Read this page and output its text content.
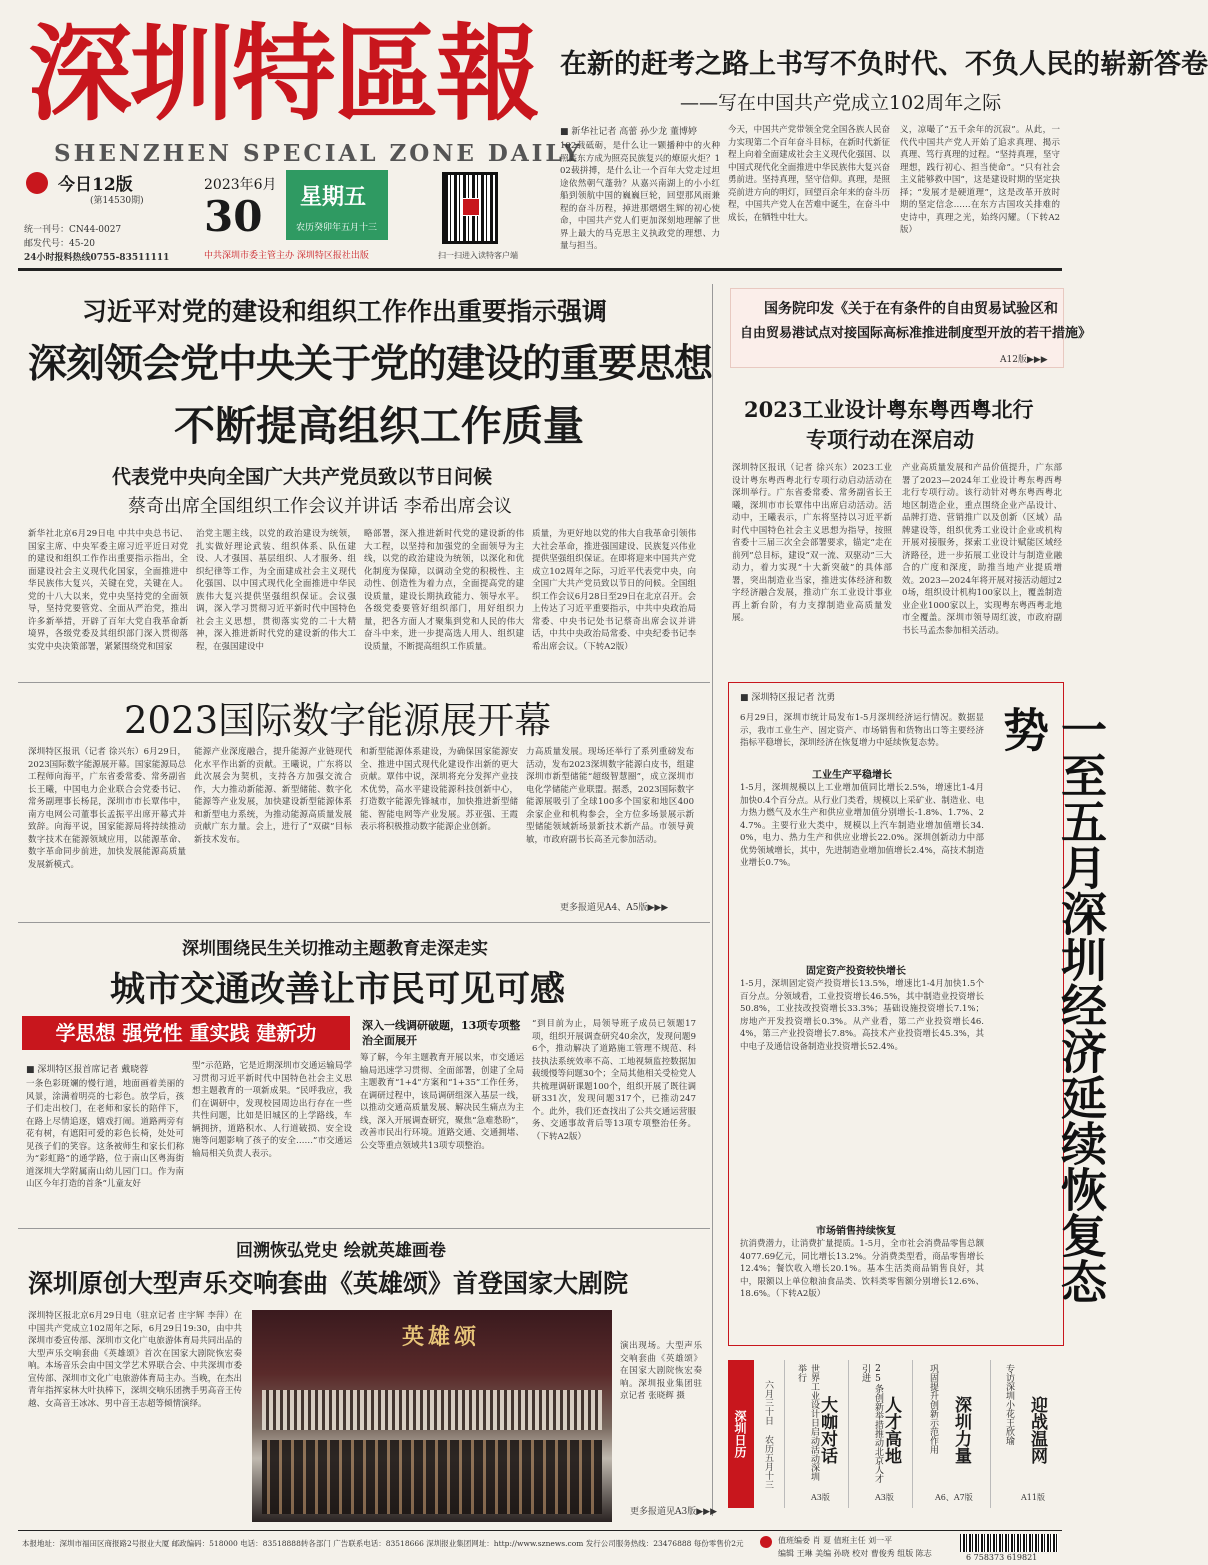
深圳特區報
SHENZHEN SPECIAL ZONE DAILY
在新的赶考之路上书写不负时代、不负人民的崭新答卷
——写在中国共产党成立102周年之际
今日12版
(第14530期)
统一刊号：CN44-0027
邮发代号：45-20
24小时报料热线0755-83511111
2023年6月
30 星期五
农历癸卯年五月十三
中共深圳市委主管主办 深圳特区报社出版	扫一扫进入读特客户端
■ 新华社记者 高蕾 孙少龙 董博婷
102载砥砺，是什么让一颗播种中的火种照亮东方成为照亮民族复兴的燎原火炬？102载拼搏，是什么让一个百年大党走过坦途依然朝气蓬勃？从嘉兴南湖上的小小红船到领航中国的巍巍巨轮，回望那风雨兼程的奋斗历程，掉进那熠熠生辉的初心使命，中国共产党人们更加深刻地理解了世界上最大的马克思主义执政党的理想、力量与担当。
今天，中国共产党带领全党全国各族人民奋力实现第二个百年奋斗目标，在新时代新征程上向着全面建成社会主义现代化强国、以中国式现代化全面推进中华民族伟大复兴奋勇前进。坚持真理，坚守信仰。真理，是照亮前进方向的明灯，回望百余年来的奋斗历程，中国共产党人在苦难中诞生，在奋斗中成长，在牺牲中壮大。
义，凉嘬了“五千余年的沉寂”。从此，一代代中国共产党人开始了追求真理、揭示真理、笃行真理的过程。“坚持真理，坚守理想，践行初心、担当使命”。“只有社会主义能够救中国”，这是建设时期的坚定抉择；“发展才是硬道理”，这是改革开放时期的坚定信念……在东方古国攻关排难的史诗中，真理之光，始终闪耀。（下转A2版）
习近平对党的建设和组织工作作出重要指示强调
深刻领会党中央关于党的建设的重要思想
不断提高组织工作质量
代表党中央向全国广大共产党员致以节日问候
蔡奇出席全国组织工作会议并讲话 李希出席会议
新华社北京6月29日电 中共中央总书记、国家主席、中央军委主席习近平近日对党的建设和组织工作作出重要指示指出，全面建设社会主义现代化国家，全面推进中华民族伟大复兴，关键在党，关键在人。党的十八大以来，党中央坚持党的全面领导，坚持党要管党、全面从严治党，推出许多新举措，开辟了百年大党自我革命新境界，各级党委及其组织部门深入贯彻落实党中央决策部署，紧紧围绕党和国家
治党主题主线，以党的政治建设为统领，扎实做好理论武装、组织体系、队伍建设、人才强国、基层组织、人才服务、组织纪律等工作，为全面建成社会主义现代化强国、以中国式现代化全面推进中华民族伟大复兴提供坚强组织保证。会议强调，深入学习贯彻习近平新时代中国特色社会主义思想，贯彻落实党的二十大精神，深入推进新时代党的建设新的伟大工程，在强国建设中
略部署，深入推进新时代党的建设新的伟大工程，以坚持和加强党的全面领导为主线，以党的政治建设为统领，以深化和优化制度为保障，以调动全党的积极性、主动性、创造性为着力点，全面提高党的建设质量，建设长期执政能力、领导水平。各级党委要管好组织部门，用好组织力量，把各方面人才聚集到党和人民的伟大奋斗中来，进一步提高选人用人、组织建设质量，不断提高组织工作质量。
质量，为更好地以党的伟大自我革命引领伟大社会革命，推进强国建设、民族复兴伟业提供坚强组织保证。在即将迎来中国共产党成立102周年之际，习近平代表党中央，向全国广大共产党员致以节日的问候。全国组织工作会议6月28日至29日在北京召开。会上传达了习近平重要指示，中共中央政治局常委、中央书记处书记蔡奇出席会议并讲话，中共中央政治局常委、中央纪委书记李希出席会议。（下转A2版）
国务院印发《关于在有条件的自由贸易试验区和
自由贸易港试点对接国际高标准推进制度型开放的若干措施》
A12版▶▶▶
2023工业设计粤东粤西粤北行
专项行动在深启动
深圳特区报讯（记者 徐兴东）2023工业设计粤东粤西粤北行专项行动启动活动在深圳举行。广东省委常委、常务副省长王曦，深圳市市长覃伟中出席启动活动。活动中，王曦表示，广东将坚持以习近平新时代中国特色社会主义思想为指导，按照省委十三届三次全会部署要求，锚定“走在前列”总目标，建设“双一流、双驱动”三大动力，着力实现“十大新突破”的具体部署，突出制造业当家，推进实体经济和数字经济融合发展，推动广东工业设计事业再上新台阶，有力支撑制造业高质量发展。
产业高质量发展和产品价值提升，广东部署了2023—2024年工业设计粤东粤西粤北行专项行动。该行动针对粤东粤西粤北地区制造企业，重点围绕企业产品设计、品牌打造、营销推广以及创新（区域）品牌建设等，组织优秀工业设计企业或机构开展对接服务，探索工业设计赋能区域经济路径，进一步拓展工业设计与制造业融合的广度和深度，助推当地产业提质增效。2023—2024年将开展对接活动超过20场，组织设计机构100家以上，覆盖制造业企业1000家以上，实现粤东粤西粤北地市全覆盖。深圳市领导周红波，市政府副书长马孟杰参加相关活动。
2023国际数字能源展开幕
深圳特区报讯（记者 徐兴东）6月29日，2023国际数字能源展开幕。国家能源局总工程师向海平，广东省委常委、常务副省长王曦，中国电力企业联合会党委书记、常务副理事长杨昆，深圳市市长覃伟中，南方电网公司董事长孟振平出席开幕式并致辞。向海平说，国家能源局将持续推动数字技术在能源领域应用，以能源革命、数字革命同步前进，加快发展能源高质量发展新模式。
能源产业深度融合，提升能源产业链现代化水平作出新的贡献。王曦说，广东将以此次展会为契机，支持各方加强交流合作，大力推动新能源、新型储能、数字化能源等产业发展，加快建设新型能源体系和新型电力系统，为推动能源高质量发展贡献广东力量。会上，进行了“双碳”目标新技术发布。
和新型能源体系建设，为确保国家能源安全、推进中国式现代化建设作出新的更大贡献。覃伟中说，深圳将充分发挥产业技术优势，高水平建设能源科技创新中心，打造数字能源先锋城市，加快推进新型储能、智能电网等产业发展。苏亚强、王霞表示将积极推动数字能源企业创新。
力高质量发展。现场还举行了系列重磅发布活动，发布2023深圳数字能源白皮书，组建深圳市新型储能“超级智慧圈”，成立深圳市电化学储能产业联盟。据悉，2023国际数字能源展吸引了全球100多个国家和地区400余家企业和机构参会，全方位多场景展示新型储能领域新场景新技术新产品。市领导黄敏，市政府副书长高圣元参加活动。
更多报道见A4、A5版▶▶▶
深圳围绕民生关切推动主题教育走深走实
城市交通改善让市民可见可感
学思想 强党性 重实践 建新功
■ 深圳特区报首席记者 戴晓蓉
深入一线调研破题，13项专项整治全面展开
一条色彩斑斓的慢行道，地面画着美丽的风景，涂满着明亮的七彩色。放学后，孩子们走出校门，在老师和家长的陪伴下，在路上尽情追逐，嬉戏打闹。道路两旁有花有树，有遮阳可爱的彩色长椅，处处可见孩子们的笑容。这条被师生和家长们称为“彩虹路”的通学路，位于南山区粤海街道深圳大学附属南山幼儿园门口。作为南山区今年打造的首条“儿童友好
型”示范路，它是近期深圳市交通运输局学习贯彻习近平新时代中国特色社会主义思想主题教育的一项新成果。“民呼我应，我们在调研中，发现校园周边出行存在一些共性问题，比如是旧城区的上学路线，车辆拥挤，道路积水、人行道破损、安全设施等问题影响了孩子的安全……”市交通运输局相关负责人表示。
筹了解，今年主题教育开展以来，市交通运输局迅速学习贯彻、全面部署，创建了全局主题教育“1+4”方案和“1+35”工作任务，在调研过程中，该局调研组深入基层一线，以推动交通高质量发展、解决民生痛点为主线，深入开展调查研究，聚焦“急难愁盼”，改善市民出行环境。道路交通、交通拥堵、公交等重点领域共13项专项整治。
“到目前为止，局领导班子成员已领题17项，组织开展调查研究40余次，发现问题96个，推动解决了道路施工管理不规范、科技执法系统效率不高、工地视频监控数据加载缓慢等问题30个；全局其他相关受检党人共梳理调研课题100个，组织开展了既往调研331次，发现问题317个，已推动247个。此外，我们还查找出了公共交通运营服务、交通事故背后等13项专项整治任务。（下转A2版）
回溯恢弘党史 绘就英雄画卷
深圳原创大型声乐交响套曲《英雄颂》首登国家大剧院
深圳特区报北京6月29日电（驻京记者 庄宇辉 李萍）在中国共产党成立102周年之际，6月29日19:30，由中共深圳市委宣传部、深圳市文化广电旅游体育局共同出品的大型声乐交响套曲《英雄颂》首次在国家大剧院恢宏奏响。本场音乐会由中国文学艺术界联合会、中共深圳市委宣传部、深圳市文化广电旅游体育局主办。当晚，在杰出青年指挥家林大叶执棒下，深圳交响乐团携手男高音王传越、女高音王冰冰、男中音王志超等倾情演绎。
英雄颂	演出现场。大型声乐交响套曲《英雄颂》在国家大剧院恢宏奏响。深圳报业集团驻京记者 张晓辉 摄
更多报道见A3版▶▶▶
■ 深圳特区报记者 沈勇
一至五月深圳经济延续恢复态势
6月29日，深圳市统计局发布1-5月深圳经济运行情况。数据显示，我市工业生产、固定资产、市场销售和货物出口等主要经济指标平稳增长，深圳经济在恢复增力中延续恢复态势。
工业生产平稳增长
1-5月，深圳规模以上工业增加值同比增长2.5%，增速比1-4月加快0.4个百分点。从行业门类看，规模以上采矿业、制造业、电力热力燃气及水生产和供应业增加值分别增长-1.8%、1.7%、24.7%。主要行业大类中，规模以上汽车制造业增加值增长34.0%，电力、热力生产和供应业增长22.0%。深圳创新动力中部优势领域增长，其中，先进制造业增加值增长2.4%，高技术制造业增长0.7%。
固定资产投资较快增长
1-5月，深圳固定资产投资增长13.5%，增速比1-4月加快1.5个百分点。分领域看，工业投资增长46.5%，其中制造业投资增长50.8%，工业技改投资增长33.3%；基础设施投资增长7.1%；房地产开发投资增长0.3%。从产业看，第二产业投资增长46.4%，第三产业投资增长7.8%。高技术产业投资增长45.3%，其中电子及通信设备制造业投资增长52.4%。
市场销售持续恢复
抗消费潜力，让消费扩量提质。1-5月，全市社会消费品零售总额4077.69亿元，同比增长13.2%。分消费类型看，商品零售增长12.4%；餐饮收入增长20.1%。基本生活类商品销售良好，其中，限额以上单位粮油食品类、饮料类零售额分别增长12.6%、18.6%。（下转A2版）
深圳日历 六月三十日 农历五月十三	大咖对话
世界工业设计日启动活动深圳举行
A3版
人才高地
25条创新举措推动北京人才引进
A3版
深圳力量
巩固提升创新示范作用
A6、A7版
迎战温网
专访深圳小花王欣瑜
A11版
本报地址：深圳市福田区商报路2号报业大厦 邮政编码：518000 电话：83518888转各部门 广告联系电话：83518666 深圳报业集团网址：http://www.sznews.com 发行公司服务热线：23476888 每份零售价2元	值班编委 肖 夏 值班主任 刘一平
编辑 王琳 美编 孙晓 校对 曹俊秀 组版 陈志	6 758373 619821
